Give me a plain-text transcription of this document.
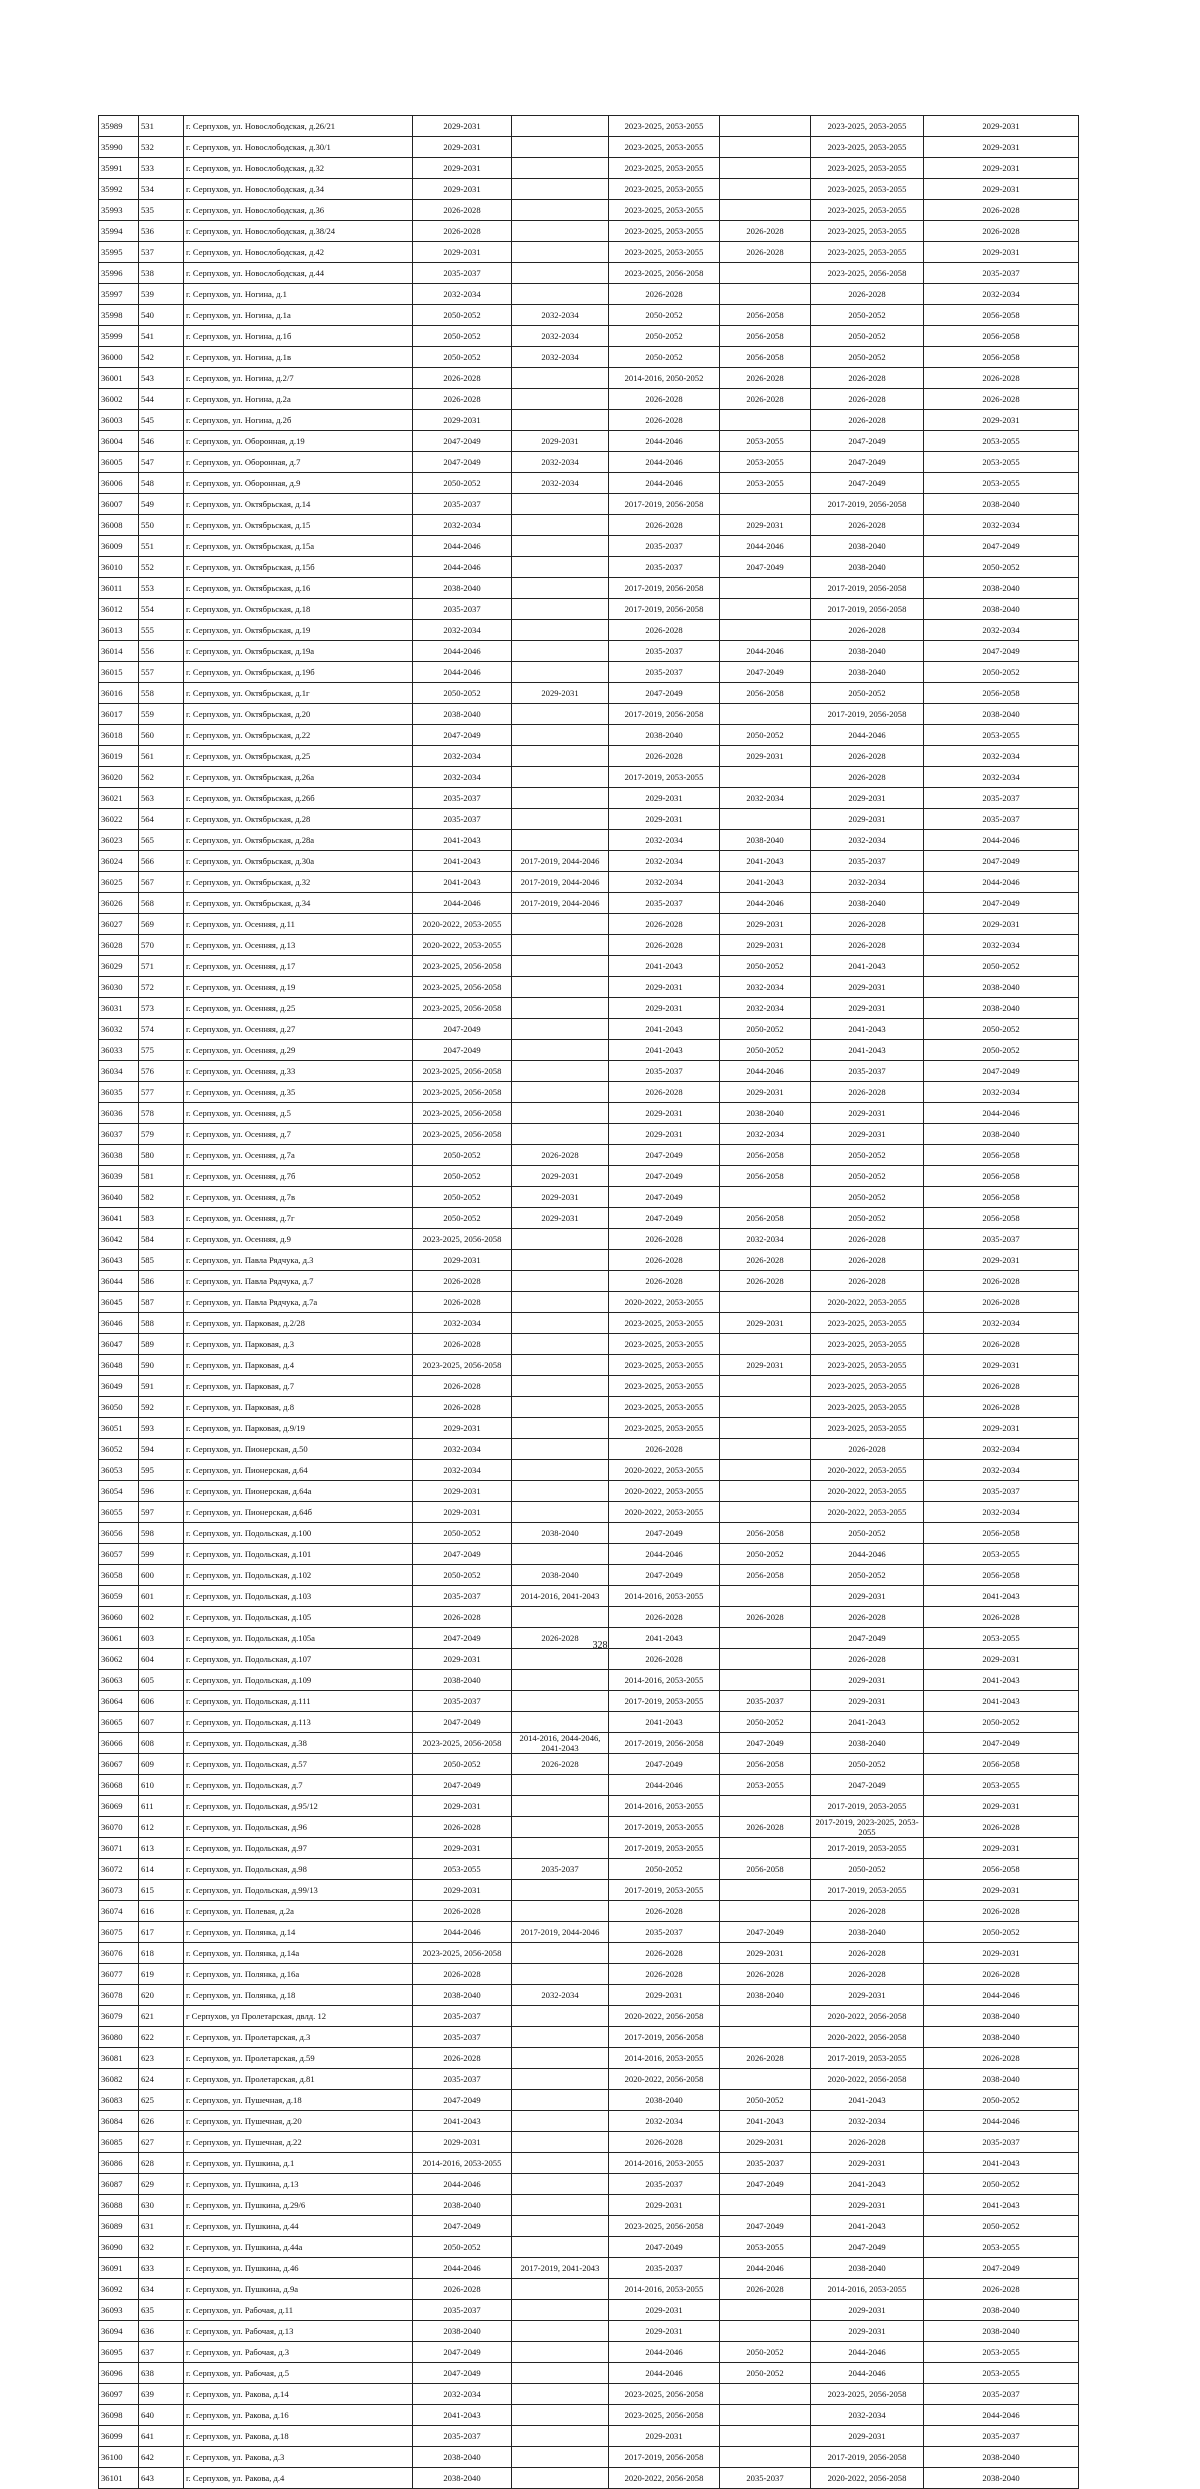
35989	531	г. Серпухов, ул. Новослободская, д.26/21	2029-2031		2023-2025, 2053-2055		2023-2025, 2053-2055	2029-2031
35990	532	г. Серпухов, ул. Новослободская, д.30/1	2029-2031		2023-2025, 2053-2055		2023-2025, 2053-2055	2029-2031
35991	533	г. Серпухов, ул. Новослободская, д.32	2029-2031		2023-2025, 2053-2055		2023-2025, 2053-2055	2029-2031
35992	534	г. Серпухов, ул. Новослободская, д.34	2029-2031		2023-2025, 2053-2055		2023-2025, 2053-2055	2029-2031
35993	535	г. Серпухов, ул. Новослободская, д.36	2026-2028		2023-2025, 2053-2055		2023-2025, 2053-2055	2026-2028
35994	536	г. Серпухов, ул. Новослободская, д.38/24	2026-2028		2023-2025, 2053-2055	2026-2028	2023-2025, 2053-2055	2026-2028
35995	537	г. Серпухов, ул. Новослободская, д.42	2029-2031		2023-2025, 2053-2055	2026-2028	2023-2025, 2053-2055	2029-2031
35996	538	г. Серпухов, ул. Новослободская, д.44	2035-2037		2023-2025, 2056-2058		2023-2025, 2056-2058	2035-2037
35997	539	г. Серпухов, ул. Ногина, д.1	2032-2034		2026-2028		2026-2028	2032-2034
35998	540	г. Серпухов, ул. Ногина, д.1а	2050-2052	2032-2034	2050-2052	2056-2058	2050-2052	2056-2058
35999	541	г. Серпухов, ул. Ногина, д.1б	2050-2052	2032-2034	2050-2052	2056-2058	2050-2052	2056-2058
36000	542	г. Серпухов, ул. Ногина, д.1в	2050-2052	2032-2034	2050-2052	2056-2058	2050-2052	2056-2058
36001	543	г. Серпухов, ул. Ногина, д.2/7	2026-2028		2014-2016, 2050-2052	2026-2028	2026-2028	2026-2028
36002	544	г. Серпухов, ул. Ногина, д.2а	2026-2028		2026-2028	2026-2028	2026-2028	2026-2028
36003	545	г. Серпухов, ул. Ногина, д.2б	2029-2031		2026-2028		2026-2028	2029-2031
36004	546	г. Серпухов, ул. Оборонная, д.19	2047-2049	2029-2031	2044-2046	2053-2055	2047-2049	2053-2055
36005	547	г. Серпухов, ул. Оборонная, д.7	2047-2049	2032-2034	2044-2046	2053-2055	2047-2049	2053-2055
36006	548	г. Серпухов, ул. Оборонная, д.9	2050-2052	2032-2034	2044-2046	2053-2055	2047-2049	2053-2055
36007	549	г. Серпухов, ул. Октябрьская, д.14	2035-2037		2017-2019, 2056-2058		2017-2019, 2056-2058	2038-2040
36008	550	г. Серпухов, ул. Октябрьская, д.15	2032-2034		2026-2028	2029-2031	2026-2028	2032-2034
36009	551	г. Серпухов, ул. Октябрьская, д.15а	2044-2046		2035-2037	2044-2046	2038-2040	2047-2049
36010	552	г. Серпухов, ул. Октябрьская, д.15б	2044-2046		2035-2037	2047-2049	2038-2040	2050-2052
36011	553	г. Серпухов, ул. Октябрьская, д.16	2038-2040		2017-2019, 2056-2058		2017-2019, 2056-2058	2038-2040
36012	554	г. Серпухов, ул. Октябрьская, д.18	2035-2037		2017-2019, 2056-2058		2017-2019, 2056-2058	2038-2040
36013	555	г. Серпухов, ул. Октябрьская, д.19	2032-2034		2026-2028		2026-2028	2032-2034
36014	556	г. Серпухов, ул. Октябрьская, д.19а	2044-2046		2035-2037	2044-2046	2038-2040	2047-2049
36015	557	г. Серпухов, ул. Октябрьская, д.19б	2044-2046		2035-2037	2047-2049	2038-2040	2050-2052
36016	558	г. Серпухов, ул. Октябрьская, д.1г	2050-2052	2029-2031	2047-2049	2056-2058	2050-2052	2056-2058
36017	559	г. Серпухов, ул. Октябрьская, д.20	2038-2040		2017-2019, 2056-2058		2017-2019, 2056-2058	2038-2040
36018	560	г. Серпухов, ул. Октябрьская, д.22	2047-2049		2038-2040	2050-2052	2044-2046	2053-2055
36019	561	г. Серпухов, ул. Октябрьская, д.25	2032-2034		2026-2028	2029-2031	2026-2028	2032-2034
36020	562	г. Серпухов, ул. Октябрьская, д.26а	2032-2034		2017-2019, 2053-2055		2026-2028	2032-2034
36021	563	г. Серпухов, ул. Октябрьская, д.26б	2035-2037		2029-2031	2032-2034	2029-2031	2035-2037
36022	564	г. Серпухов, ул. Октябрьская, д.28	2035-2037		2029-2031		2029-2031	2035-2037
36023	565	г. Серпухов, ул. Октябрьская, д.28а	2041-2043		2032-2034	2038-2040	2032-2034	2044-2046
36024	566	г. Серпухов, ул. Октябрьская, д.30а	2041-2043	2017-2019, 2044-2046	2032-2034	2041-2043	2035-2037	2047-2049
36025	567	г. Серпухов, ул. Октябрьская, д.32	2041-2043	2017-2019, 2044-2046	2032-2034	2041-2043	2032-2034	2044-2046
36026	568	г. Серпухов, ул. Октябрьская, д.34	2044-2046	2017-2019, 2044-2046	2035-2037	2044-2046	2038-2040	2047-2049
36027	569	г. Серпухов, ул. Осенняя, д.11	2020-2022, 2053-2055		2026-2028	2029-2031	2026-2028	2029-2031
36028	570	г. Серпухов, ул. Осенняя, д.13	2020-2022, 2053-2055		2026-2028	2029-2031	2026-2028	2032-2034
36029	571	г. Серпухов, ул. Осенняя, д.17	2023-2025, 2056-2058		2041-2043	2050-2052	2041-2043	2050-2052
36030	572	г. Серпухов, ул. Осенняя, д.19	2023-2025, 2056-2058		2029-2031	2032-2034	2029-2031	2038-2040
36031	573	г. Серпухов, ул. Осенняя, д.25	2023-2025, 2056-2058		2029-2031	2032-2034	2029-2031	2038-2040
36032	574	г. Серпухов, ул. Осенняя, д.27	2047-2049		2041-2043	2050-2052	2041-2043	2050-2052
36033	575	г. Серпухов, ул. Осенняя, д.29	2047-2049		2041-2043	2050-2052	2041-2043	2050-2052
36034	576	г. Серпухов, ул. Осенняя, д.33	2023-2025, 2056-2058		2035-2037	2044-2046	2035-2037	2047-2049
36035	577	г. Серпухов, ул. Осенняя, д.35	2023-2025, 2056-2058		2026-2028	2029-2031	2026-2028	2032-2034
36036	578	г. Серпухов, ул. Осенняя, д.5	2023-2025, 2056-2058		2029-2031	2038-2040	2029-2031	2044-2046
36037	579	г. Серпухов, ул. Осенняя, д.7	2023-2025, 2056-2058		2029-2031	2032-2034	2029-2031	2038-2040
36038	580	г. Серпухов, ул. Осенняя, д.7а	2050-2052	2026-2028	2047-2049	2056-2058	2050-2052	2056-2058
36039	581	г. Серпухов, ул. Осенняя, д.7б	2050-2052	2029-2031	2047-2049	2056-2058	2050-2052	2056-2058
36040	582	г. Серпухов, ул. Осенняя, д.7в	2050-2052	2029-2031	2047-2049		2050-2052	2056-2058
36041	583	г. Серпухов, ул. Осенняя, д.7г	2050-2052	2029-2031	2047-2049	2056-2058	2050-2052	2056-2058
36042	584	г. Серпухов, ул. Осенняя, д.9	2023-2025, 2056-2058		2026-2028	2032-2034	2026-2028	2035-2037
36043	585	г. Серпухов, ул. Павла Рядчука, д.3	2029-2031		2026-2028	2026-2028	2026-2028	2029-2031
36044	586	г. Серпухов, ул. Павла Рядчука, д.7	2026-2028		2026-2028	2026-2028	2026-2028	2026-2028
36045	587	г. Серпухов, ул. Павла Рядчука, д.7а	2026-2028		2020-2022, 2053-2055		2020-2022, 2053-2055	2026-2028
36046	588	г. Серпухов, ул. Парковая, д.2/28	2032-2034		2023-2025, 2053-2055	2029-2031	2023-2025, 2053-2055	2032-2034
36047	589	г. Серпухов, ул. Парковая, д.3	2026-2028		2023-2025, 2053-2055		2023-2025, 2053-2055	2026-2028
36048	590	г. Серпухов, ул. Парковая, д.4	2023-2025, 2056-2058		2023-2025, 2053-2055	2029-2031	2023-2025, 2053-2055	2029-2031
36049	591	г. Серпухов, ул. Парковая, д.7	2026-2028		2023-2025, 2053-2055		2023-2025, 2053-2055	2026-2028
36050	592	г. Серпухов, ул. Парковая, д.8	2026-2028		2023-2025, 2053-2055		2023-2025, 2053-2055	2026-2028
36051	593	г. Серпухов, ул. Парковая, д.9/19	2029-2031		2023-2025, 2053-2055		2023-2025, 2053-2055	2029-2031
36052	594	г. Серпухов, ул. Пионерская, д.50	2032-2034		2026-2028		2026-2028	2032-2034
36053	595	г. Серпухов, ул. Пионерская, д.64	2032-2034		2020-2022, 2053-2055		2020-2022, 2053-2055	2032-2034
36054	596	г. Серпухов, ул. Пионерская, д.64а	2029-2031		2020-2022, 2053-2055		2020-2022, 2053-2055	2035-2037
36055	597	г. Серпухов, ул. Пионерская, д.64б	2029-2031		2020-2022, 2053-2055		2020-2022, 2053-2055	2032-2034
36056	598	г. Серпухов, ул. Подольская, д.100	2050-2052	2038-2040	2047-2049	2056-2058	2050-2052	2056-2058
36057	599	г. Серпухов, ул. Подольская, д.101	2047-2049		2044-2046	2050-2052	2044-2046	2053-2055
36058	600	г. Серпухов, ул. Подольская, д.102	2050-2052	2038-2040	2047-2049	2056-2058	2050-2052	2056-2058
36059	601	г. Серпухов, ул. Подольская, д.103	2035-2037	2014-2016, 2041-2043	2014-2016, 2053-2055		2029-2031	2041-2043
36060	602	г. Серпухов, ул. Подольская, д.105	2026-2028		2026-2028	2026-2028	2026-2028	2026-2028
36061	603	г. Серпухов, ул. Подольская, д.105а	2047-2049	2026-2028	2041-2043		2047-2049	2053-2055
36062	604	г. Серпухов, ул. Подольская, д.107	2029-2031		2026-2028		2026-2028	2029-2031
36063	605	г. Серпухов, ул. Подольская, д.109	2038-2040		2014-2016, 2053-2055		2029-2031	2041-2043
36064	606	г. Серпухов, ул. Подольская, д.111	2035-2037		2017-2019, 2053-2055	2035-2037	2029-2031	2041-2043
36065	607	г. Серпухов, ул. Подольская, д.113	2047-2049		2041-2043	2050-2052	2041-2043	2050-2052
36066	608	г. Серпухов, ул. Подольская, д.38	2023-2025, 2056-2058	2014-2016, 2044-2046, 2041-2043	2017-2019, 2056-2058	2047-2049	2038-2040	2047-2049
36067	609	г. Серпухов, ул. Подольская, д.57	2050-2052	2026-2028	2047-2049	2056-2058	2050-2052	2056-2058
36068	610	г. Серпухов, ул. Подольская, д.7	2047-2049		2044-2046	2053-2055	2047-2049	2053-2055
36069	611	г. Серпухов, ул. Подольская, д.95/12	2029-2031		2014-2016, 2053-2055		2017-2019, 2053-2055	2029-2031
36070	612	г. Серпухов, ул. Подольская, д.96	2026-2028		2017-2019, 2053-2055	2026-2028	2017-2019, 2023-2025, 2053-2055	2026-2028
36071	613	г. Серпухов, ул. Подольская, д.97	2029-2031		2017-2019, 2053-2055		2017-2019, 2053-2055	2029-2031
36072	614	г. Серпухов, ул. Подольская, д.98	2053-2055	2035-2037	2050-2052	2056-2058	2050-2052	2056-2058
36073	615	г. Серпухов, ул. Подольская, д.99/13	2029-2031		2017-2019, 2053-2055		2017-2019, 2053-2055	2029-2031
36074	616	г. Серпухов, ул. Полевая, д.2а	2026-2028		2026-2028		2026-2028	2026-2028
36075	617	г. Серпухов, ул. Полянка, д.14	2044-2046	2017-2019, 2044-2046	2035-2037	2047-2049	2038-2040	2050-2052
36076	618	г. Серпухов, ул. Полянка, д.14а	2023-2025, 2056-2058		2026-2028	2029-2031	2026-2028	2029-2031
36077	619	г. Серпухов, ул. Полянка, д.16а	2026-2028		2026-2028	2026-2028	2026-2028	2026-2028
36078	620	г. Серпухов, ул. Полянка, д.18	2038-2040	2032-2034	2029-2031	2038-2040	2029-2031	2044-2046
36079	621	г Серпухов, ул Пролетарская, двлд. 12	2035-2037		2020-2022, 2056-2058		2020-2022, 2056-2058	2038-2040
36080	622	г. Серпухов, ул. Пролетарская, д.3	2035-2037		2017-2019, 2056-2058		2020-2022, 2056-2058	2038-2040
36081	623	г. Серпухов, ул. Пролетарская, д.59	2026-2028		2014-2016, 2053-2055	2026-2028	2017-2019, 2053-2055	2026-2028
36082	624	г. Серпухов, ул. Пролетарская, д.81	2035-2037		2020-2022, 2056-2058		2020-2022, 2056-2058	2038-2040
36083	625	г. Серпухов, ул. Пушечная, д.18	2047-2049		2038-2040	2050-2052	2041-2043	2050-2052
36084	626	г. Серпухов, ул. Пушечная, д.20	2041-2043		2032-2034	2041-2043	2032-2034	2044-2046
36085	627	г. Серпухов, ул. Пушечная, д.22	2029-2031		2026-2028	2029-2031	2026-2028	2035-2037
36086	628	г. Серпухов, ул. Пушкина, д.1	2014-2016, 2053-2055		2014-2016, 2053-2055	2035-2037	2029-2031	2041-2043
36087	629	г. Серпухов, ул. Пушкина, д.13	2044-2046		2035-2037	2047-2049	2041-2043	2050-2052
36088	630	г. Серпухов, ул. Пушкина, д.29/6	2038-2040		2029-2031		2029-2031	2041-2043
36089	631	г. Серпухов, ул. Пушкина, д.44	2047-2049		2023-2025, 2056-2058	2047-2049	2041-2043	2050-2052
36090	632	г. Серпухов, ул. Пушкина, д.44а	2050-2052		2047-2049	2053-2055	2047-2049	2053-2055
36091	633	г. Серпухов, ул. Пушкина, д.46	2044-2046	2017-2019, 2041-2043	2035-2037	2044-2046	2038-2040	2047-2049
36092	634	г. Серпухов, ул. Пушкина, д.9а	2026-2028		2014-2016, 2053-2055	2026-2028	2014-2016, 2053-2055	2026-2028
36093	635	г. Серпухов, ул. Рабочая, д.11	2035-2037		2029-2031		2029-2031	2038-2040
36094	636	г. Серпухов, ул. Рабочая, д.13	2038-2040		2029-2031		2029-2031	2038-2040
36095	637	г. Серпухов, ул. Рабочая, д.3	2047-2049		2044-2046	2050-2052	2044-2046	2053-2055
36096	638	г. Серпухов, ул. Рабочая, д.5	2047-2049		2044-2046	2050-2052	2044-2046	2053-2055
36097	639	г. Серпухов, ул. Ракова, д.14	2032-2034		2023-2025, 2056-2058		2023-2025, 2056-2058	2035-2037
36098	640	г. Серпухов, ул. Ракова, д.16	2041-2043		2023-2025, 2056-2058		2032-2034	2044-2046
36099	641	г. Серпухов, ул. Ракова, д.18	2035-2037		2029-2031		2029-2031	2035-2037
36100	642	г. Серпухов, ул. Ракова, д.3	2038-2040		2017-2019, 2056-2058		2017-2019, 2056-2058	2038-2040
36101	643	г. Серпухов, ул. Ракова, д.4	2038-2040		2020-2022, 2056-2058	2035-2037	2020-2022, 2056-2058	2038-2040
328
